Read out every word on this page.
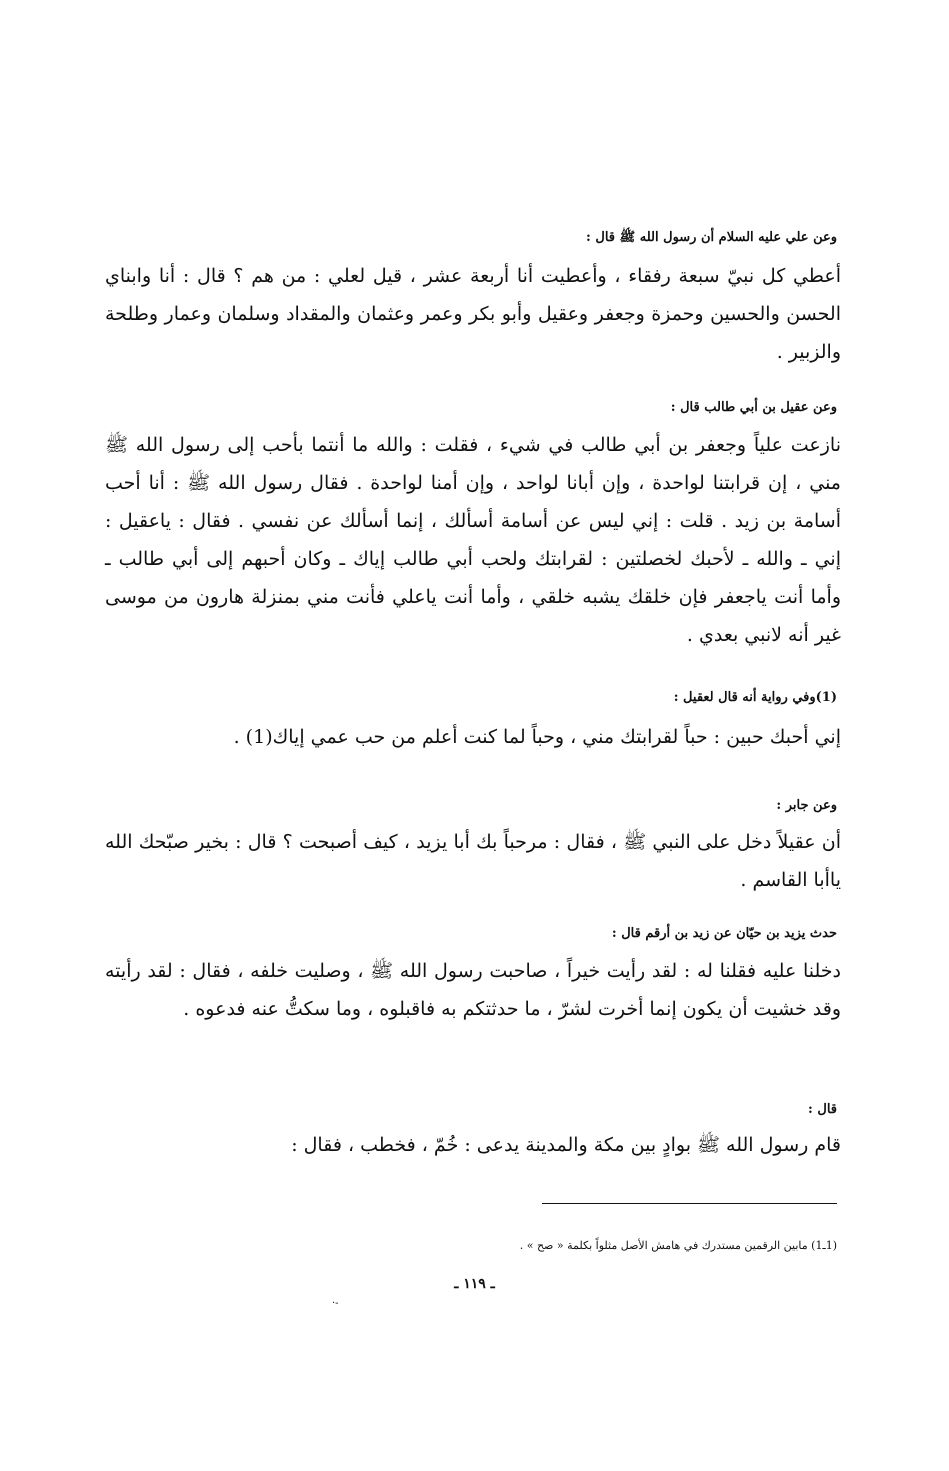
وعن علي عليه السلام أن رسول الله ﷺ قال :

أعطي كل نبيّ سبعة رفقاء ، وأعطيت أنا أربعة عشر ، قيل لعلي : من هم ؟ قال : أنا وابناي الحسن والحسين وحمزة وجعفر وعقيل وأبو بكر وعمر وعثمان والمقداد وسلمان وعمار وطلحة والزبير .

وعن عقيل بن أبي طالب قال :

نازعت علياً وجعفر بن أبي طالب في شيء ، فقلت : والله ما أنتما بأحب إلى رسول الله ﷺ مني ، إن قرابتنا لواحدة ، وإن أبانا لواحد ، وإن أمنا لواحدة . فقال رسول الله ﷺ : أنا أحب أسامة بن زيد . قلت : إني ليس عن أسامة أسألك ، إنما أسألك عن نفسي . فقال : ياعقيل : إني ـ والله ـ لأحبك لخصلتين : لقرابتك ولحب أبي طالب إياك ـ وكان أحبهم إلى أبي طالب ـ وأما أنت ياجعفر فإن خلقك يشبه خلقي ، وأما أنت ياعلي فأنت مني بمنزلة هارون من موسى غير أنه لانبي بعدي .

(1)وفي رواية أنه قال لعقيل :

إني أحبك حبين : حباً لقرابتك مني ، وحباً لما كنت أعلم من حب عمي إياك(1) .

وعن جابر :

أن عقيلاً دخل على النبي ﷺ ، فقال : مرحباً بك أبا يزيد ، كيف أصبحت ؟ قال : بخير صبّحك الله ياأبا القاسم .

حدث يزيد بن حيّان عن زيد بن أرقم قال :

دخلنا عليه فقلنا له : لقد رأيت خيراً ، صاحبت رسول الله ﷺ ، وصليت خلفه ، فقال : لقد رأيته وقد خشيت أن يكون إنما أخرت لشرّ ، ما حدثتكم به فاقبلوه ، وما سكتُّ عنه فدعوه .

قال :

قام رسول الله ﷺ بوادٍ بين مكة والمدينة يدعى : خُمّ ، فخطب ، فقال :

(1ـ1) مابين الرقمين مستدرك في هامش الأصل مثلواً بكلمة « صح » .
ـ ١١٩ ـ
·-
